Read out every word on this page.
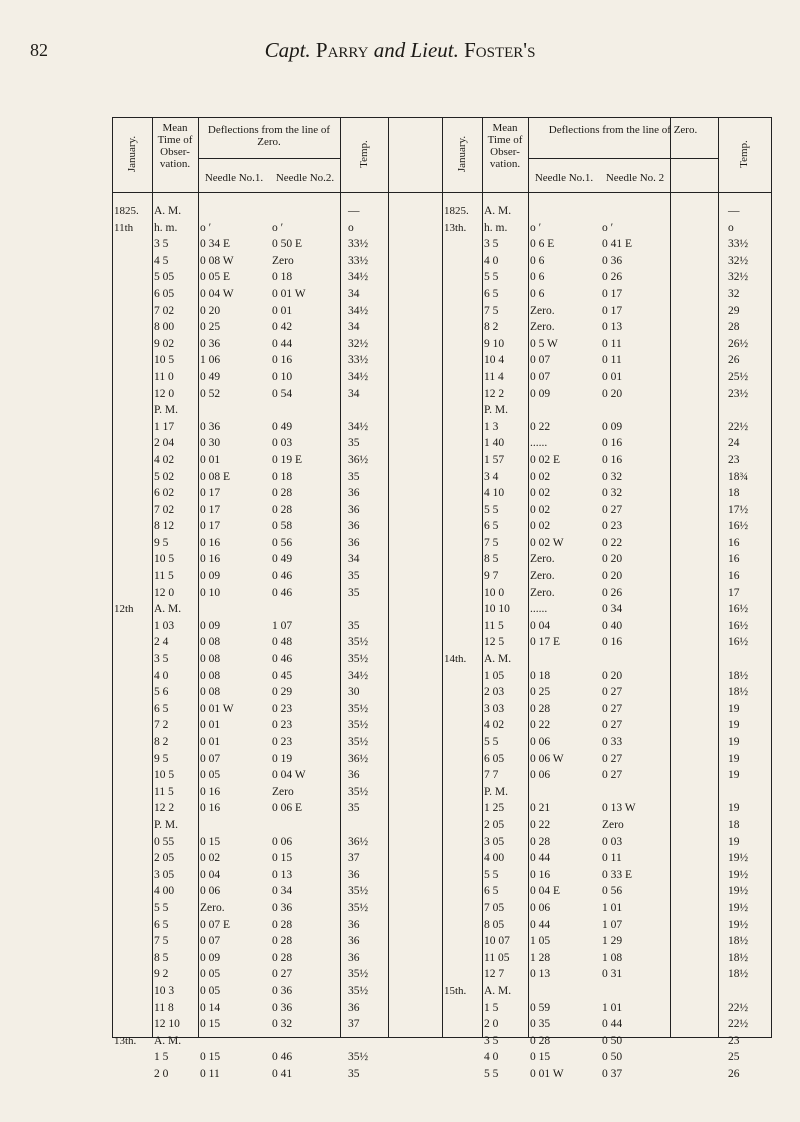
82	Capt. Parry and Lieut. Foster's
January.
Mean Time of Obser- vation.
Deflections from the line of Zero.
Needle No.1.	Needle No.2.
Temp.
1825.	A. M.	—
11th	h. m.	o ′	o ′	o
3 5	0 34 E	0 50 E	33½
4 5	0 08 W	Zero	33½
5 05	0 05 E	0 18	34½
6 05	0 04 W	0 01 W	34
7 02	0 20	0 01	34½
8 00	0 25	0 42	34
9 02	0 36	0 44	32½
10 5	1 06	0 16	33½
11 0	0 49	0 10	34½
12 0	0 52	0 54	34
P. M.
1 17	0 36	0 49	34½
2 04	0 30	0 03	35
4 02	0 01	0 19 E	36½
5 02	0 08 E	0 18	35
6 02	0 17	0 28	36
7 02	0 17	0 28	36
8 12	0 17	0 58	36
9 5	0 16	0 56	36
10 5	0 16	0 49	34
11 5	0 09	0 46	35
12 0	0 10	0 46	35
12th	A. M.
1 03	0 09	1 07	35
2 4	0 08	0 48	35½
3 5	0 08	0 46	35½
4 0	0 08	0 45	34½
5 6	0 08	0 29	30
6 5	0 01 W	0 23	35½
7 2	0 01	0 23	35½
8 2	0 01	0 23	35½
9 5	0 07	0 19	36½
10 5	0 05	0 04 W	36
11 5	0 16	Zero	35½
12 2	0 16	0 06 E	35
P. M.
0 55	0 15	0 06	36½
2 05	0 02	0 15	37
3 05	0 04	0 13	36
4 00	0 06	0 34	35½
5 5	Zero.	0 36	35½
6 5	0 07 E	0 28	36
7 5	0 07	0 28	36
8 5	0 09	0 28	36
9 2	0 05	0 27	35½
10 3	0 05	0 36	35½
11 8	0 14	0 36	36
12 10	0 15	0 32	37
13th.	A. M.
1 5	0 15	0 46	35½
2 0	0 11	0 41	35
January.
Mean Time of Obser- vation.
Deflections from the line of Zero.
Needle No.1.	Needle No. 2
Temp.
1825.	A. M.	—
13th.	h. m.	o ′	o ′	o
3 5	0 6 E	0 41 E	33½
4 0	0 6	0 36	32½
5 5	0 6	0 26	32½
6 5	0 6	0 17	32
7 5	Zero.	0 17	29
8 2	Zero.	0 13	28
9 10	0 5 W	0 11	26½
10 4	0 07	0 11	26
11 4	0 07	0 01	25½
12 2	0 09	0 20	23½
P. M.
1 3	0 22	0 09	22½
1 40	......	0 16	24
1 57	0 02 E	0 16	23
3 4	0 02	0 32	18¾
4 10	0 02	0 32	18
5 5	0 02	0 27	17½
6 5	0 02	0 23	16½
7 5	0 02 W	0 22	16
8 5	Zero.	0 20	16
9 7	Zero.	0 20	16
10 0	Zero.	0 26	17
10 10	......	0 34	16½
11 5	0 04	0 40	16½
12 5	0 17 E	0 16	16½
14th.	A. M.
1 05	0 18	0 20	18½
2 03	0 25	0 27	18½
3 03	0 28	0 27	19
4 02	0 22	0 27	19
5 5	0 06	0 33	19
6 05	0 06 W	0 27	19
7 7	0 06	0 27	19
P. M.
1 25	0 21	0 13 W	19
2 05	0 22	Zero	18
3 05	0 28	0 03	19
4 00	0 44	0 11	19½
5 5	0 16	0 33 E	19½
6 5	0 04 E	0 56	19½
7 05	0 06	1 01	19½
8 05	0 44	1 07	19½
10 07	1 05	1 29	18½
11 05	1 28	1 08	18½
12 7	0 13	0 31	18½
15th.	A. M.
1 5	0 59	1 01	22½
2 0	0 35	0 44	22½
3 5	0 28	0 50	23
4 0	0 15	0 50	25
5 5	0 01 W	0 37	26
